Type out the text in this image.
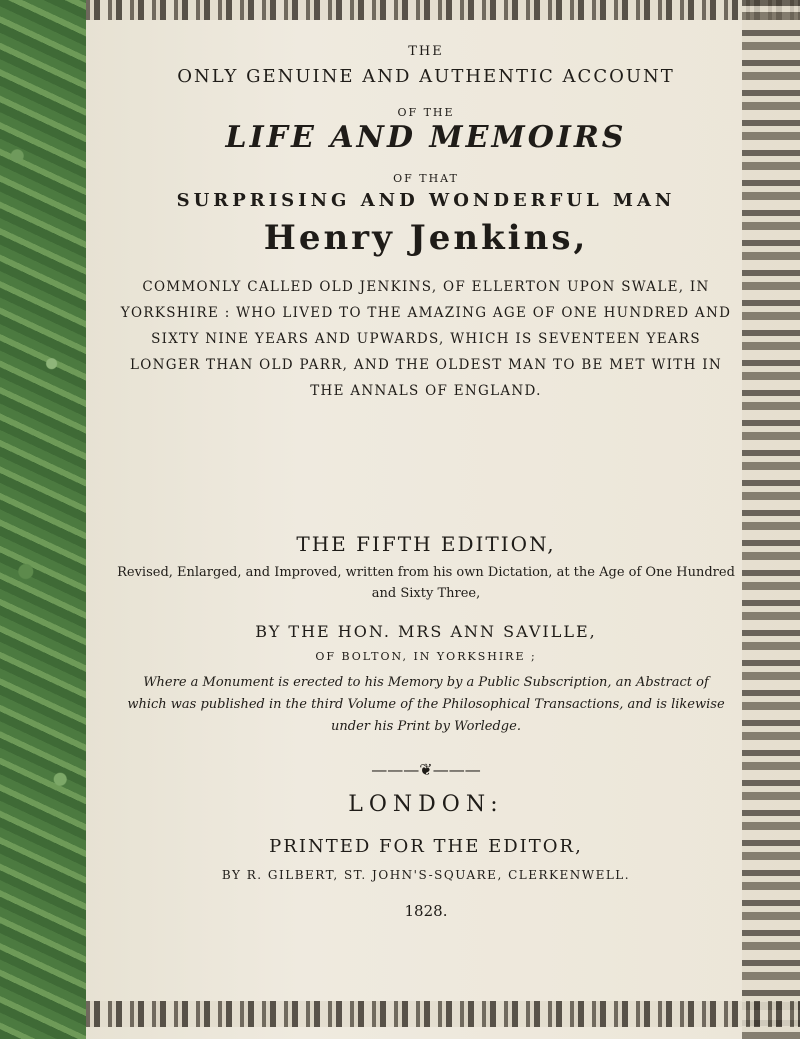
THE
ONLY GENUINE AND AUTHENTIC ACCOUNT
OF THE
LIFE AND MEMOIRS
OF THAT
SURPRISING AND WONDERFUL MAN
Henry Jenkins,
COMMONLY CALLED OLD JENKINS, OF ELLERTON UPON SWALE, IN YORKSHIRE : WHO LIVED TO THE AMAZING AGE OF ONE HUNDRED AND SIXTY NINE YEARS AND UPWARDS, WHICH IS SEVENTEEN YEARS LONGER THAN OLD PARR, AND THE OLDEST MAN TO BE MET WITH IN THE ANNALS OF ENGLAND.
THE FIFTH EDITION,
Revised, Enlarged, and Improved, written from his own Dictation, at the Age of One Hundred and Sixty Three,
BY THE HON. MRS ANN SAVILLE,
OF BOLTON, IN YORKSHIRE ;
Where a Monument is erected to his Memory by a Public Subscription, an Abstract of which was published in the third Volume of the Philosophical Transactions, and is likewise under his Print by Worledge.
———❦———
LONDON:
PRINTED FOR THE EDITOR,
BY R. GILBERT, ST. JOHN'S-SQUARE, CLERKENWELL.
1828.
